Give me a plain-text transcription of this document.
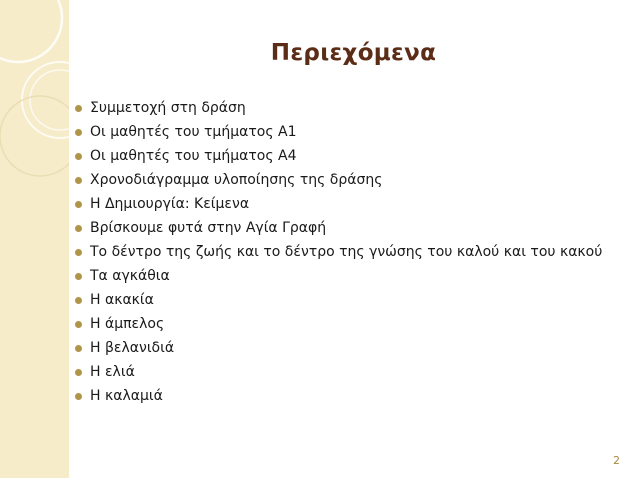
Περιεχόμενα
Συμμετοχή στη δράση
Οι μαθητές του τμήματος Α1
Οι μαθητές του τμήματος Α4
Χρονοδιάγραμμα υλοποίησης της δράσης
Η Δημιουργία: Κείμενα
Βρίσκουμε φυτά στην Αγία Γραφή
Το δέντρο της ζωής και το δέντρο της γνώσης του καλού και του κακού
Τα αγκάθια
Η ακακία
Η άμπελος
Η βελανιδιά
Η ελιά
Η καλαμιά
2
